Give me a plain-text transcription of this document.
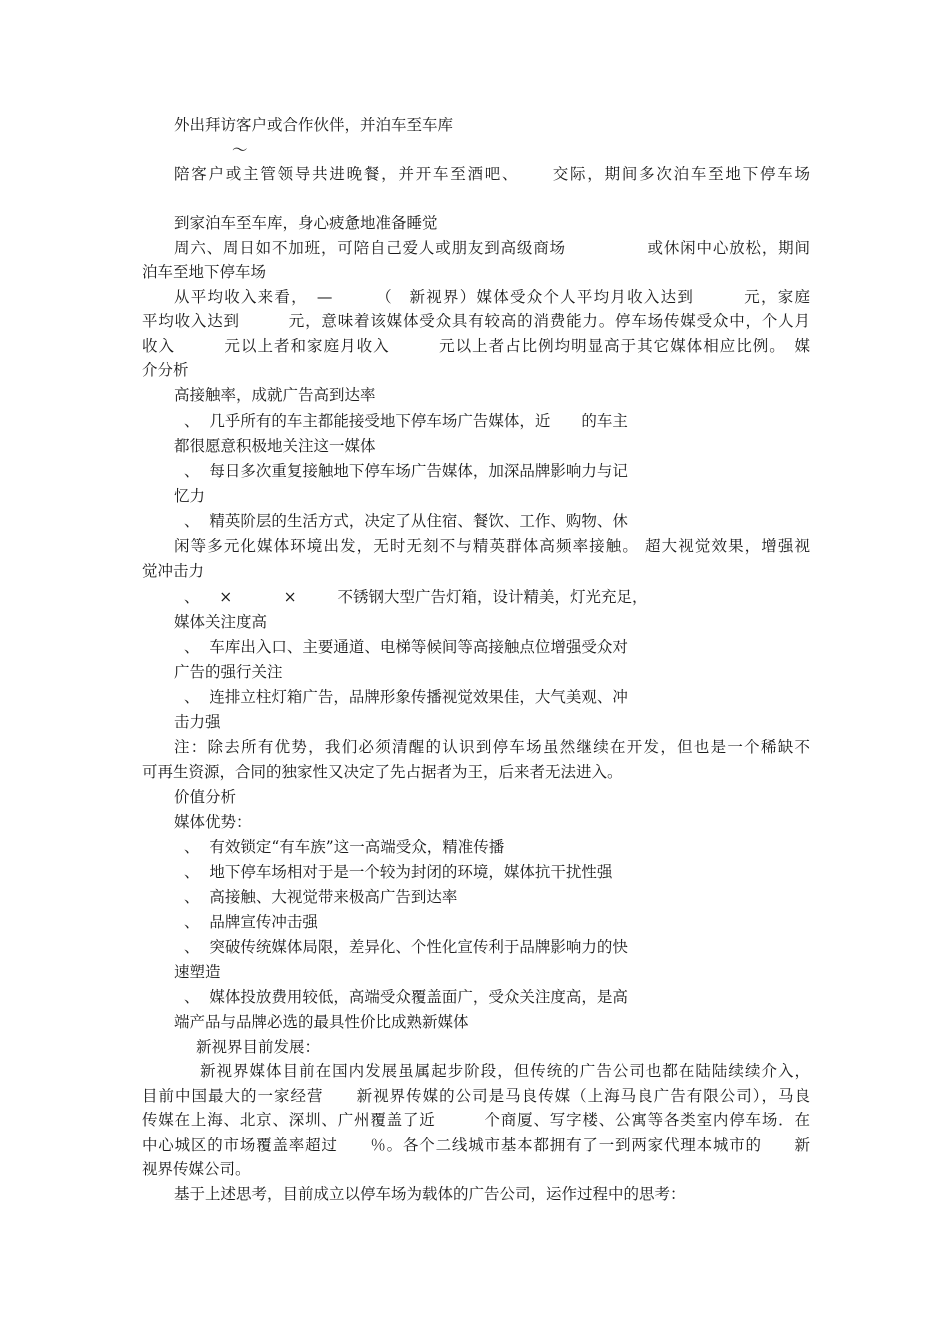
外出拜访客户或合作伙伴，并泊车至车库
～
陪客户或主管领导共进晚餐，并开车至酒吧、　　 交际，期间多次泊车至地下停车场
到家泊车至车库，身心疲惫地准备睡觉
周六、周日如不加班，可陪自己爱人或朋友到高级商场　　　　　或休闲中心放松，期间
泊车至地下停车场
从平均收入来看，　—　　　（　新视界）媒体受众个人平均月收入达到　　　元，家庭
平均收入达到　　　元，意味着该媒体受众具有较高的消费能力。停车场传媒受众中，个人月
收入　　　元以上者和家庭月收入　　　元以上者占比例均明显高于其它媒体相应比例。　媒
介分析
高接触率，成就广告高到达率
、  几乎所有的车主都能接受地下停车场广告媒体，近　　的车主
都很愿意积极地关注这一媒体
、  每日多次重复接触地下停车场广告媒体，加深品牌影响力与记
忆力
、  精英阶层的生活方式，决定了从住宿、餐饮、工作、购物、休
闲等多元化媒体环境出发，无时无刻不与精英群体高频率接触。 超大视觉效果，增强视
觉冲击力
、    ×　　　 ×　　  不锈钢大型广告灯箱，设计精美，灯光充足，
媒体关注度高
、  车库出入口、主要通道、电梯等候间等高接触点位增强受众对
广告的强行关注
、  连排立柱灯箱广告，品牌形象传播视觉效果佳，大气美观、冲
击力强
注：除去所有优势，我们必须清醒的认识到停车场虽然继续在开发，但也是一个稀缺不
可再生资源，合同的独家性又决定了先占据者为王，后来者无法进入。
价值分析
媒体优势：
、  有效锁定“有车族”这一高端受众，精准传播
、  地下停车场相对于是一个较为封闭的环境，媒体抗干扰性强
、  高接触、大视觉带来极高广告到达率
、  品牌宣传冲击强
、  突破传统媒体局限，差异化、个性化宣传利于品牌影响力的快
速塑造
、  媒体投放费用较低，高端受众覆盖面广，受众关注度高，是高
端产品与品牌必选的最具性价比成熟新媒体
新视界目前发展：
新视界媒体目前在国内发展虽属起步阶段，但传统的广告公司也都在陆陆续续介入，
目前中国最大的一家经营　　新视界传媒的公司是马良传媒（上海马良广告有限公司），马良
传媒在上海、北京、深圳、广州覆盖了近　　　个商厦、写字楼、公寓等各类室内停车场．在
中心城区的市场覆盖率超过　　％。各个二线城市基本都拥有了一到两家代理本城市的　　新
视界传媒公司。
基于上述思考，目前成立以停车场为载体的广告公司，运作过程中的思考：
